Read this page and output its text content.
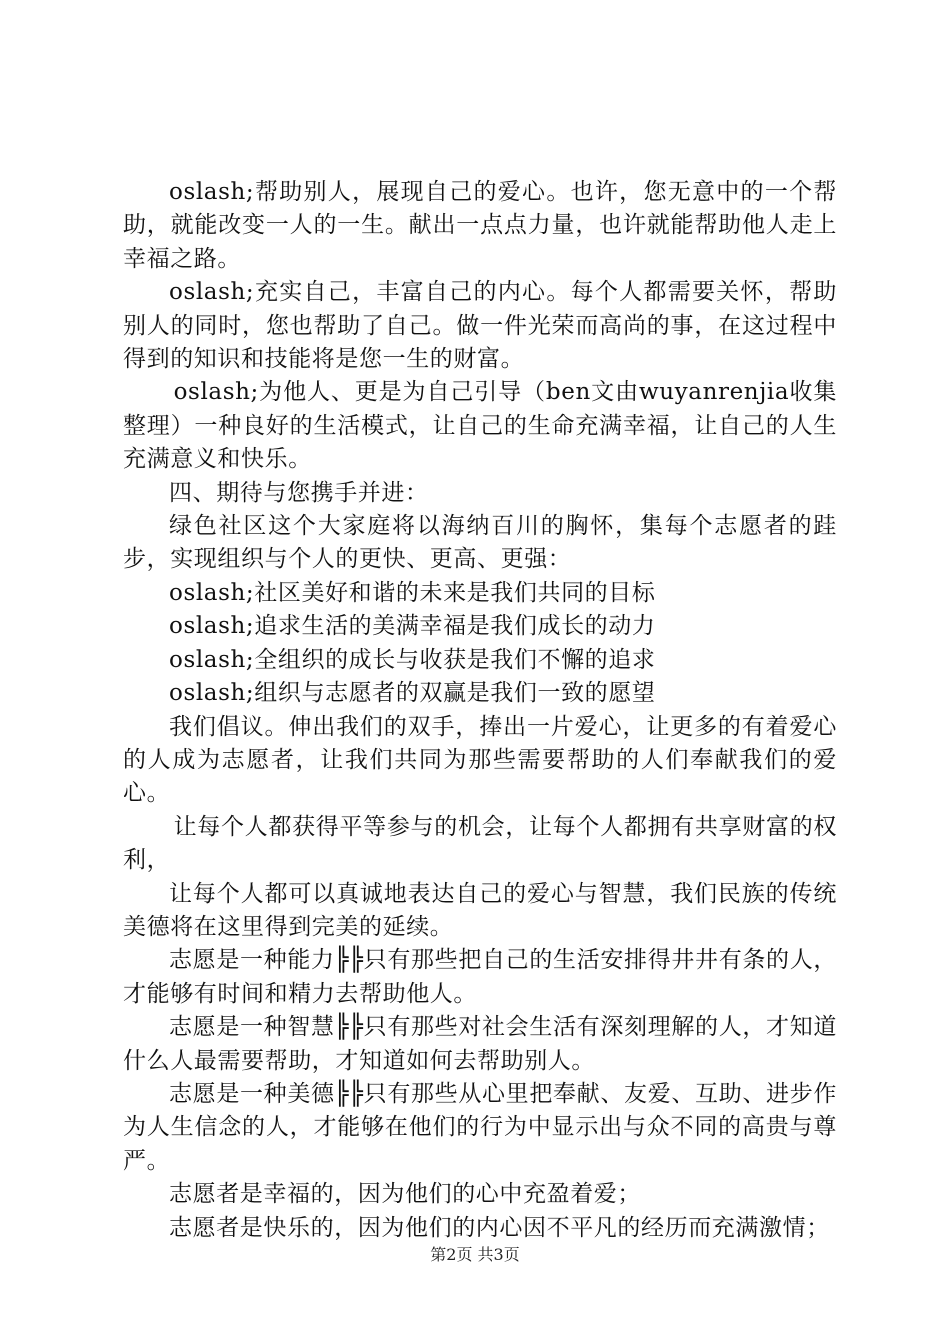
oslash;帮助别人，展现自己的爱心。也许，您无意中的一个帮助，就能改变一人的一生。献出一点点力量，也许就能帮助他人走上幸福之路。

oslash;充实自己，丰富自己的内心。每个人都需要关怀，帮助别人的同时，您也帮助了自己。做一件光荣而高尚的事，在这过程中得到的知识和技能将是您一生的财富。

oslash;为他人、更是为自己引导（ben文由wuyanrenjia收集整理）一种良好的生活模式，让自己的生命充满幸福，让自己的人生充满意义和快乐。

四、期待与您携手并进：

绿色社区这个大家庭将以海纳百川的胸怀，集每个志愿者的跬步，实现组织与个人的更快、更高、更强：

oslash;社区美好和谐的未来是我们共同的目标

oslash;追求生活的美满幸福是我们成长的动力

oslash;全组织的成长与收获是我们不懈的追求

oslash;组织与志愿者的双赢是我们一致的愿望

我们倡议。伸出我们的双手，捧出一片爱心，让更多的有着爱心的人成为志愿者，让我们共同为那些需要帮助的人们奉献我们的爱心。

让每个人都获得平等参与的机会，让每个人都拥有共享财富的权利，

让每个人都可以真诚地表达自己的爱心与智慧，我们民族的传统美德将在这里得到完美的延续。

志愿是一种能力╠╠只有那些把自己的生活安排得井井有条的人，才能够有时间和精力去帮助他人。

志愿是一种智慧╠╠只有那些对社会生活有深刻理解的人，才知道什么人最需要帮助，才知道如何去帮助别人。

志愿是一种美德╠╠只有那些从心里把奉献、友爱、互助、进步作为人生信念的人，才能够在他们的行为中显示出与众不同的高贵与尊严。

志愿者是幸福的，因为他们的心中充盈着爱；

志愿者是快乐的，因为他们的内心因不平凡的经历而充满激情；

第2页 共3页
